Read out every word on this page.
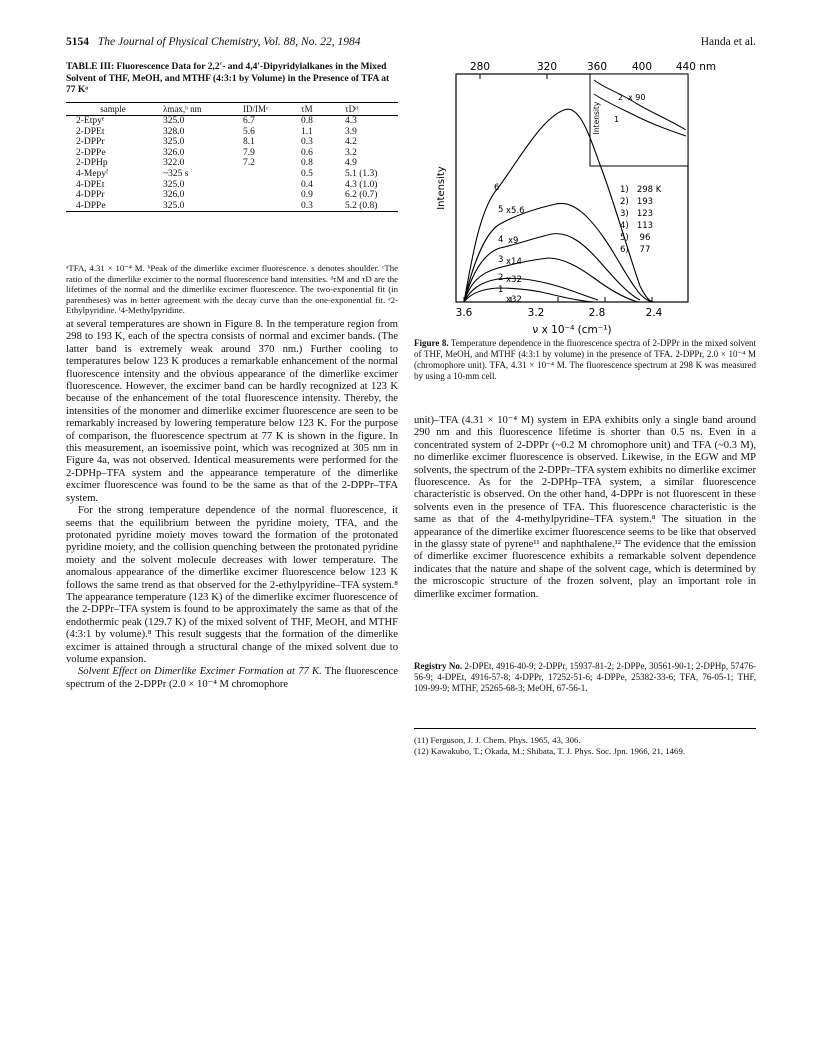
5154 The Journal of Physical Chemistry, Vol. 88, No. 22, 1984	Handa et al.
TABLE III: Fluorescence Data for 2,2′- and 4,4′-Dipyridylalkanes in the Mixed Solvent of THF, MeOH, and MTHF (4:3:1 by Volume) in the Presence of TFA at 77 Kᵃ
sample	λmax,ᵇ nm	ID/IMᶜ	τM	τDᵈ
2-Etpyᵉ	325.0	6.7	0.8	4.3
2-DPEt	328.0	5.6	1.1	3.9
2-DPPr	325.0	8.1	0.3	4.2
2-DPPe	326.0	7.9	0.6	3.2
2-DPHp	322.0	7.2	0.8	4.9
4-Mepyᶠ	~325 s		0.5	5.1 (1.3)
4-DPEt	325.0		0.4	4.3 (1.0)
4-DPPr	326.0		0.9	6.2 (0.7)
4-DPPe	325.0		0.3	5.2 (0.8)
ᵃTFA, 4.31 × 10⁻⁴ M. ᵇPeak of the dimerlike excimer fluorescence. s denotes shoulder. ᶜThe ratio of the dimerlike excimer to the normal fluorescence band intensities. ᵈτM and τD are the lifetimes of the normal and the dimerlike excimer fluorescence. The two-exponential fit (in parentheses) was in better agreement with the decay curve than the one-exponential fit. ᵉ2-Ethylpyridine. ᶠ4-Methylpyridine.

at several temperatures are shown in Figure 8. In the temperature region from 298 to 193 K, each of the spectra consists of normal and excimer bands. (The latter band is extremely weak around 370 nm.) Further cooling to temperatures below 123 K produces a remarkable enhancement of the normal fluorescence intensity and the obvious appearance of the dimerlike excimer fluorescence. However, the excimer band can be hardly recognized at 123 K because of the enhancement of the total fluorescence intensity. Thereby, the intensities of the monomer and dimerlike excimer fluorescence are seen to be remarkably increased by lowering temperature below 123 K. For the purpose of comparison, the fluorescence spectrum at 77 K is shown in the figure. In this measurement, an isoemissive point, which was recognized at 305 nm in Figure 4a, was not observed. Identical measurements were performed for the 2-DPHp–TFA system and the appearance temperature of the dimerlike excimer fluorescence was found to be the same as that of the 2-DPPr–TFA system.

For the strong temperature dependence of the normal fluorescence, it seems that the equilibrium between the pyridine moiety, TFA, and the protonated pyridine moiety moves toward the formation of the protonated pyridine moiety, and the collision quenching between the protonated pyridine moiety and the solvent molecule decreases with lower temperature. The anomalous appearance of the dimerlike excimer fluorescence below 123 K follows the same trend as that observed for the 2-ethylpyridine–TFA system.⁸ The appearance temperature (123 K) of the dimerlike excimer fluorescence of the 2-DPPr–TFA system is found to be approximately the same as that of the endothermic peak (129.7 K) of the mixed solvent of THF, MeOH, and MTHF (4:3:1 by volume).⁸ This result suggests that the formation of the dimerlike excimer is attained through a structural change of the mixed solvent due to volume expansion.

Solvent Effect on Dimerlike Excimer Formation at 77 K. The fluorescence spectrum of the 2-DPPr (2.0 × 10⁻⁴ M chromophore

280	320	360 400 440 nm
Intensity
2 x 90
1
6
5 x5.6
4 x9
3 x14
2 x32
1
x32
1)   298 K
2)   193
3)   123
4)   113
5)    96
6)    77
Intensity
3.6	3.2	2.8	2.4
ν x 10⁻⁴ (cm⁻¹)
Figure 8. Temperature dependence in the fluorescence spectra of 2-DPPr in the mixed solvent of THF, MeOH, and MTHF (4:3:1 by volume) in the presence of TFA. 2-DPPr, 2.0 × 10⁻⁴ M (chromophore unit). TFA, 4.31 × 10⁻⁴ M. The fluorescence spectrum at 298 K was measured by using a 10-mm cell.

unit)–TFA (4.31 × 10⁻⁴ M) system in EPA exhibits only a single band around 290 nm and this fluorescence lifetime is shorter than 0.5 ns. Even in a concentrated system of 2-DPPr (~0.2 M chromophore unit) and TFA (~0.3 M), no dimerlike excimer fluorescence is observed. Likewise, in the EGW and MP solvents, the spectrum of the 2-DPPr–TFA system exhibits no dimerlike excimer fluorescence. As for the 2-DPHp–TFA system, a similar fluorescence characteristic is observed. On the other hand, 4-DPPr is not fluorescent in these solvents even in the presence of TFA. This fluorescence characteristic is the same as that of the 4-methylpyridine–TFA system.⁸ The situation in the appearance of the dimerlike excimer fluorescence seems to be like that observed in the glassy state of pyrene¹¹ and naphthalene.¹² The evidence that the emission of dimerlike excimer fluorescence exhibits a remarkable solvent dependence indicates that the nature and shape of the solvent cage, which is determined by the microscopic structure of the frozen solvent, play an important role in dimerlike excimer formation.

Registry No. 2-DPEt, 4916-40-9; 2-DPPr, 15937-81-2; 2-DPPe, 30561-90-1; 2-DPHp, 57476-56-9; 4-DPEt, 4916-57-8; 4-DPPr, 17252-51-6; 4-DPPe, 25382-33-6; TFA, 76-05-1; THF, 109-99-9; MTHF, 25265-68-3; MeOH, 67-56-1.
(11) Ferguson, J. J. Chem. Phys. 1965, 43, 306.
(12) Kawakubo, T.; Okada, M.; Shibata, T. J. Phys. Soc. Jpn. 1966, 21, 1469.
